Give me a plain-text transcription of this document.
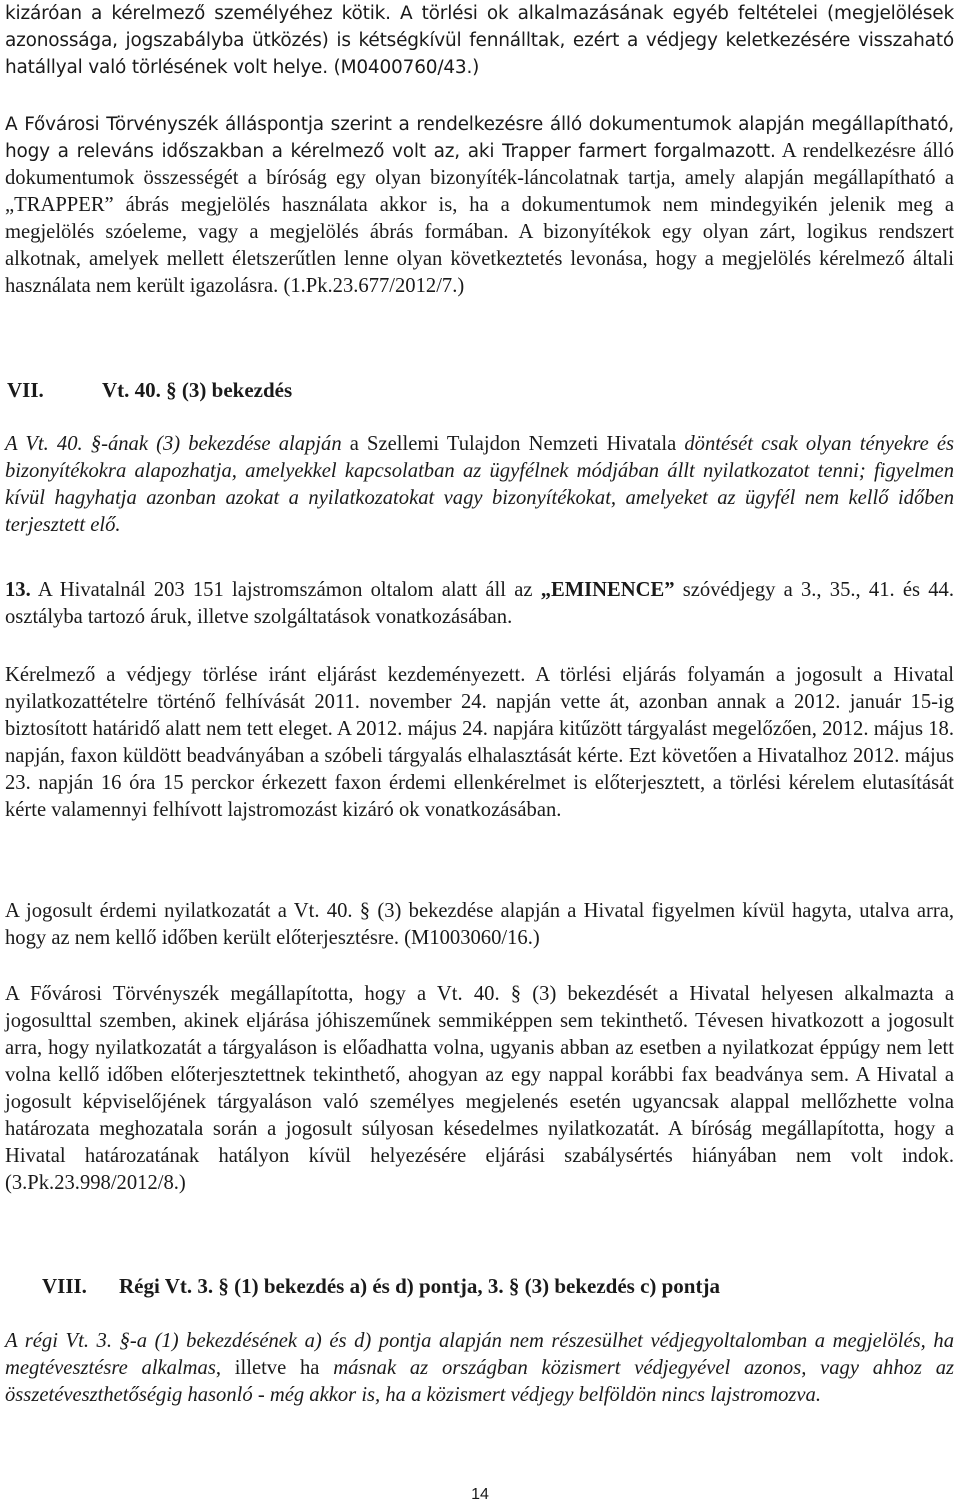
kizáróan a kérelmező személyéhez kötik. A törlési ok alkalmazásának egyéb feltételei (megjelölések azonossága, jogszabályba ütközés) is kétségkívül fennálltak, ezért a védjegy keletkezésére visszaható hatállyal való törlésének volt helye. (M0400760/43.)

A Fővárosi Törvényszék álláspontja szerint a rendelkezésre álló dokumentumok alapján megállapítható, hogy a releváns időszakban a kérelmező volt az, aki Trapper farmert forgalmazott. A rendelkezésre álló dokumentumok összességét a bíróság egy olyan bizonyíték-láncolatnak tartja, amely alapján megállapítható a „TRAPPER” ábrás megjelölés használata akkor is, ha a dokumentumok nem mindegyikén jelenik meg a megjelölés szóeleme, vagy a megjelölés ábrás formában. A bizonyítékok egy olyan zárt, logikus rendszert alkotnak, amelyek mellett életszerűtlen lenne olyan következtetés levonása, hogy a megjelölés kérelmező általi használata nem került igazolásra. (1.Pk.23.677/2012/7.)

VII.	Vt. 40. § (3) bekezdés

A Vt. 40. §-ának (3) bekezdése alapján a Szellemi Tulajdon Nemzeti Hivatala döntését csak olyan tényekre és bizonyítékokra alapozhatja, amelyekkel kapcsolatban az ügyfélnek módjában állt nyilatkozatot tenni; figyelmen kívül hagyhatja azonban azokat a nyilatkozatokat vagy bizonyítékokat, amelyeket az ügyfél nem kellő időben terjesztett elő.

13. A Hivatalnál 203 151 lajstromszámon oltalom alatt áll az „EMINENCE” szóvédjegy a 3., 35., 41. és 44. osztályba tartozó áruk, illetve szolgáltatások vonatkozásában.

Kérelmező a védjegy törlése iránt eljárást kezdeményezett. A törlési eljárás folyamán a jogosult a Hivatal nyilatkozattételre történő felhívását 2011. november 24. napján vette át, azonban annak a 2012. január 15-ig biztosított határidő alatt nem tett eleget. A 2012. május 24. napjára kitűzött tárgyalást megelőzően, 2012. május 18. napján, faxon küldött beadványában a szóbeli tárgyalás elhalasztását kérte. Ezt követően a Hivatalhoz 2012. május 23. napján 16 óra 15 perckor érkezett faxon érdemi ellenkérelmet is előterjesztett, a törlési kérelem elutasítását kérte valamennyi felhívott lajstromozást kizáró ok vonatkozásában.

A jogosult érdemi nyilatkozatát a Vt. 40. § (3) bekezdése alapján a Hivatal figyelmen kívül hagyta, utalva arra, hogy az nem kellő időben került előterjesztésre. (M1003060/16.)

A Fővárosi Törvényszék megállapította, hogy a Vt. 40. § (3) bekezdését a Hivatal helyesen alkalmazta a jogosulttal szemben, akinek eljárása jóhiszeműnek semmiképpen sem tekinthető. Tévesen hivatkozott a jogosult arra, hogy nyilatkozatát a tárgyaláson is előadhatta volna, ugyanis abban az esetben a nyilatkozat éppúgy nem lett volna kellő időben előterjesztettnek tekinthető, ahogyan az egy nappal korábbi fax beadványa sem. A Hivatal a jogosult képviselőjének tárgyaláson való személyes megjelenés esetén ugyancsak alappal mellőzhette volna határozata meghozatala során a jogosult súlyosan késedelmes nyilatkozatát. A bíróság megállapította, hogy a Hivatal határozatának hatályon kívül helyezésére eljárási szabálysértés hiányában nem volt indok. (3.Pk.23.998/2012/8.)

VIII. Régi Vt. 3. § (1) bekezdés a) és d) pontja, 3. § (3) bekezdés c) pontja

A régi Vt. 3. §-a (1) bekezdésének a) és d) pontja alapján nem részesülhet védjegyoltalomban a megjelölés, ha megtévesztésre alkalmas, illetve ha másnak az országban közismert védjegyével azonos, vagy ahhoz az összetéveszthetőségig hasonló - még akkor is, ha a közismert védjegy belföldön nincs lajstromozva.

14
